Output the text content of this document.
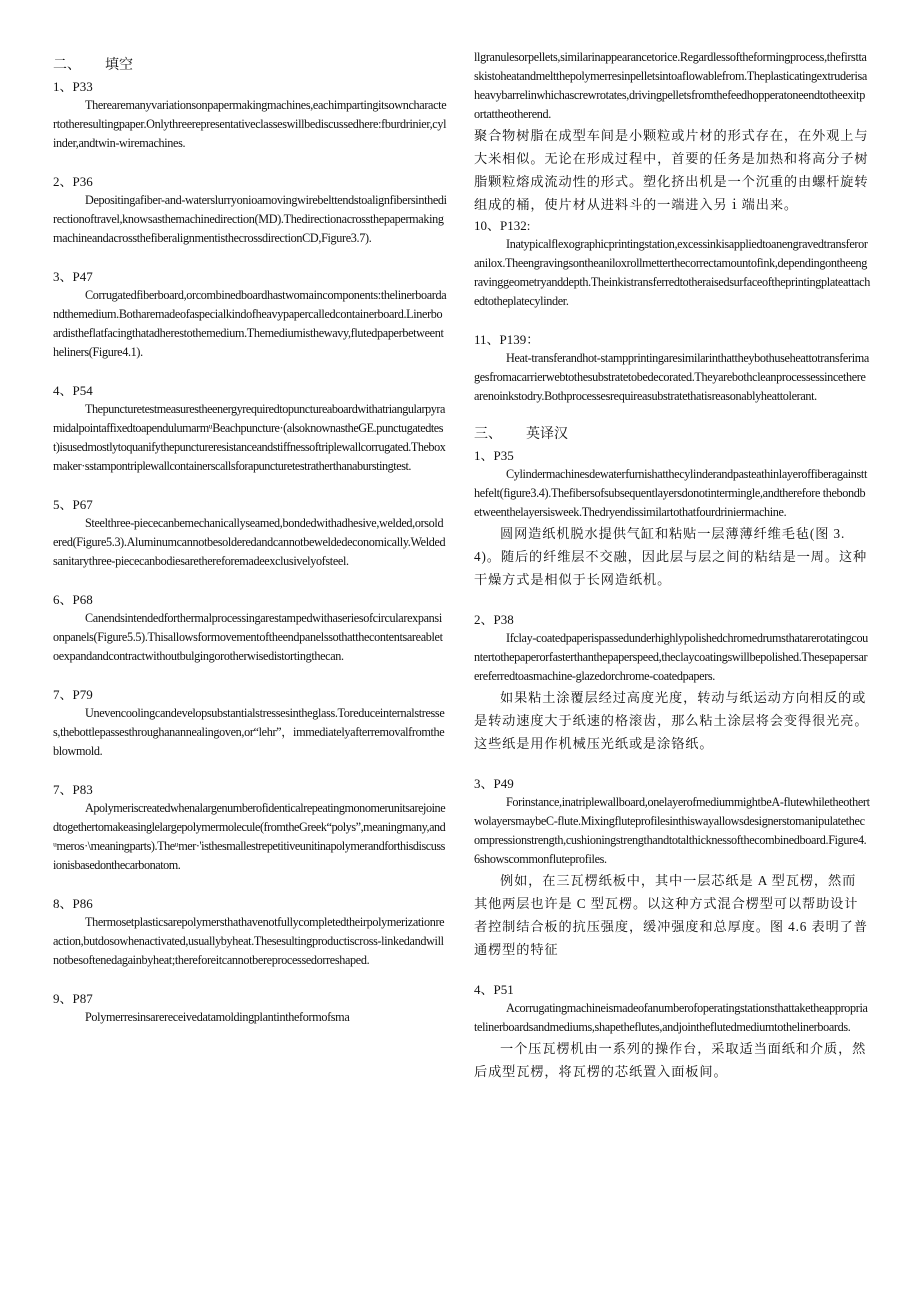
二、 填空
1、P33

Therearemanyvariationsonpapermakingmachines,eachimpartingitsowncharactertotheresultingpaper.Onlythreerepresentativeclasseswillbediscussedhere:fburdrinier,cylinder,andtwin-wiremachines.

2、P36

Depositingafiber-and-waterslurryonioamovingwirebelttendstoalignfibersinthedirectionoftravel,knowsasthemachinedirection(MD).ThedirectionacrossthepapermakingmachineandacrossthefiberalignmentisthecrossdirectionCD,Figure3.7).

3、P47

Corrugatedfiberboard,orcombinedboardhastwomaincomponents:thelinerboardandthemedium.Botharemadeofaspecialkindofheavypapercalledcontainerboard.Linerboardistheflatfacingthatadherestothemedium.Themediumisthewavy,flutedpaperbetweentheliners(Figure4.1).

4、P54

ThepuncturetestmeasurestheenergyrequiredtopunctureaboardwithatriangularpyramidalpointaffixedtoapendulumarmᵘBeachpuncture·(alsoknownastheGE.punctugatedtest)isusedmostlytoquanifythepunctureresistanceandstiffnessoftriplewallcorrugated.Theboxmaker·sstampontriplewallcontainerscallsforapuncturetestratherthanaburstingtest.

5、P67

Steelthree-piececanbemechanicallyseamed,bondedwithadhesive,welded,orsoldered(Figure5.3).Aluminumcannotbesolderedandcannotbeweldedeconomically.Weldedsanitarythree-piececanbodiesarethereforemadeexclusivelyofsteel.

6、P68

Canendsintendedforthermalprocessingarestampedwithaseriesofcircularexpansionpanels(Figure5.5).Thisallowsformovementoftheendpanelssothatthecontentsareabletoexpandandcontractwithoutbulgingorotherwisedistortingthecan.

7、P79

Unevencoolingcandevelopsubstantialstressesintheglass.Toreduceinternalstresses,thebottlepassesthroughanannealingoven,or“lehr”，immediatelyafterremovalfromtheblowmold.

7、P83

Apolymeriscreatedwhenalargenumberofidenticalrepeatingmonomerunitsarejoinedtogethertomakeasinglelargepolymermolecule(fromtheGreek“polys”,meaningmany,andᵘmeros·\meaningparts).Theᵘmer·'isthesmallestrepetitiveunitinapolymerandforthisdiscussionisbasedonthecarbonatom.

8、P86

Thermosetplasticsarepolymersthathavenotfullycompletedtheirpolymerizationreaction,butdosowhenactivated,usuallybyheat.Thesesultingproductiscross-linkedandwillnotbesoftenedagainbyheat;thereforeitcannotbereprocessedorreshaped.

9、P87

Polymerresinsarereceivedatamoldingplantintheformofsma

llgranulesorpellets,similarinappearancetorice.Regardlessoftheformingprocess,thefirsttaskistoheatandmeltthepolymerresinpelletsintoaflowablefrom.Theplasticatingextruderisaheavybarrelinwhichascrewrotates,drivingpelletsfromthefeedhopperatoneendtotheexitportattheotherend.

聚合物树脂在成型车间是小颗粒或片材的形式存在，在外观上与大米相似。无论在形成过程中，首要的任务是加热和将高分子树脂颗粒熔成流动性的形式。塑化挤出机是一个沉重的由螺杆旋转组成的桶，使片材从进料斗的一端进入另ｉ端出来。

10、P132:

Inatypicalflexographicprintingstation,excessinkisappliedtoanengravedtransferoranilox.Theengravingsontheaniloxrollmetterthecorrectamountofink,dependingontheengravinggeometryanddepth.Theinkistransferredtotheraisedsurfaceoftheprintingplateattachedtotheplatecylinder.

11、P139：

Heat-transferandhot-stampprintingaresimilarinthattheybothuseheattotransferimagesfromacarrierwebtothesubstratetobedecorated.Theyarebothcleanprocessessincetherearenoinkstodry.Bothprocessesrequireasubstratethatisreasonablyheattolerant.

三、 英译汉
1、P35

Cylindermachinesdewaterfurnishatthecylinderandpasteathinlayeroffiberagainstthefelt(figure3.4).Thefibersofsubsequentlayersdonotintermingle,andtherefore thebondbetweenthelayersisweek.Thedryendissimilartothatfourdriniermachine.

圆网造纸机脱水提供气缸和粘贴一层薄薄纤维毛毡(图 3.4)。随后的纤维层不交融，因此层与层之间的粘结是一周。这种干燥方式是相似于长网造纸机。

2、P38

Ifclay-coatedpaperispassedunderhighlypolishedchromedrumsthatarerotatingcountertothepaperorfasterthanthepaperspeed,theclaycoatingswillbepolished.Thesepapersarereferredtoasmachine-glazedorchrome-coatedpapers.

如果粘土涂覆层经过高度光度，转动与纸运动方向相反的或是转动速度大于纸速的格滚齿，那么粘土涂层将会变得很光亮。这些纸是用作机械压光纸或是涂铬纸。

3、P49

Forinstance,inatriplewallboard,onelayerofmediummightbeA-flutewhiletheothertwolayersmaybeC-flute.Mixingfluteprofilesinthiswayallowsdesignerstomanipulatethecompressionstrength,cushioningstrengthandtotalthicknessofthecombinedboard.Figure4.6showscommonfluteprofiles.

例如，在三瓦楞纸板中，其中一层芯纸是 A 型瓦楞，然而其他两层也许是 C 型瓦楞。以这种方式混合楞型可以帮助设计者控制结合板的抗压强度，缓冲强度和总厚度。图 4.6 表明了普通楞型的特征

4、P51

Acorrugatingmachineismadeofanumberofoperatingstationsthattaketheappropriatelinerboardsandmediums,shapetheflutes,andjointheflutedmediumtothelinerboards.

一个压瓦楞机由一系列的操作台，采取适当面纸和介质，然后成型瓦楞，将瓦楞的芯纸置入面板间。
